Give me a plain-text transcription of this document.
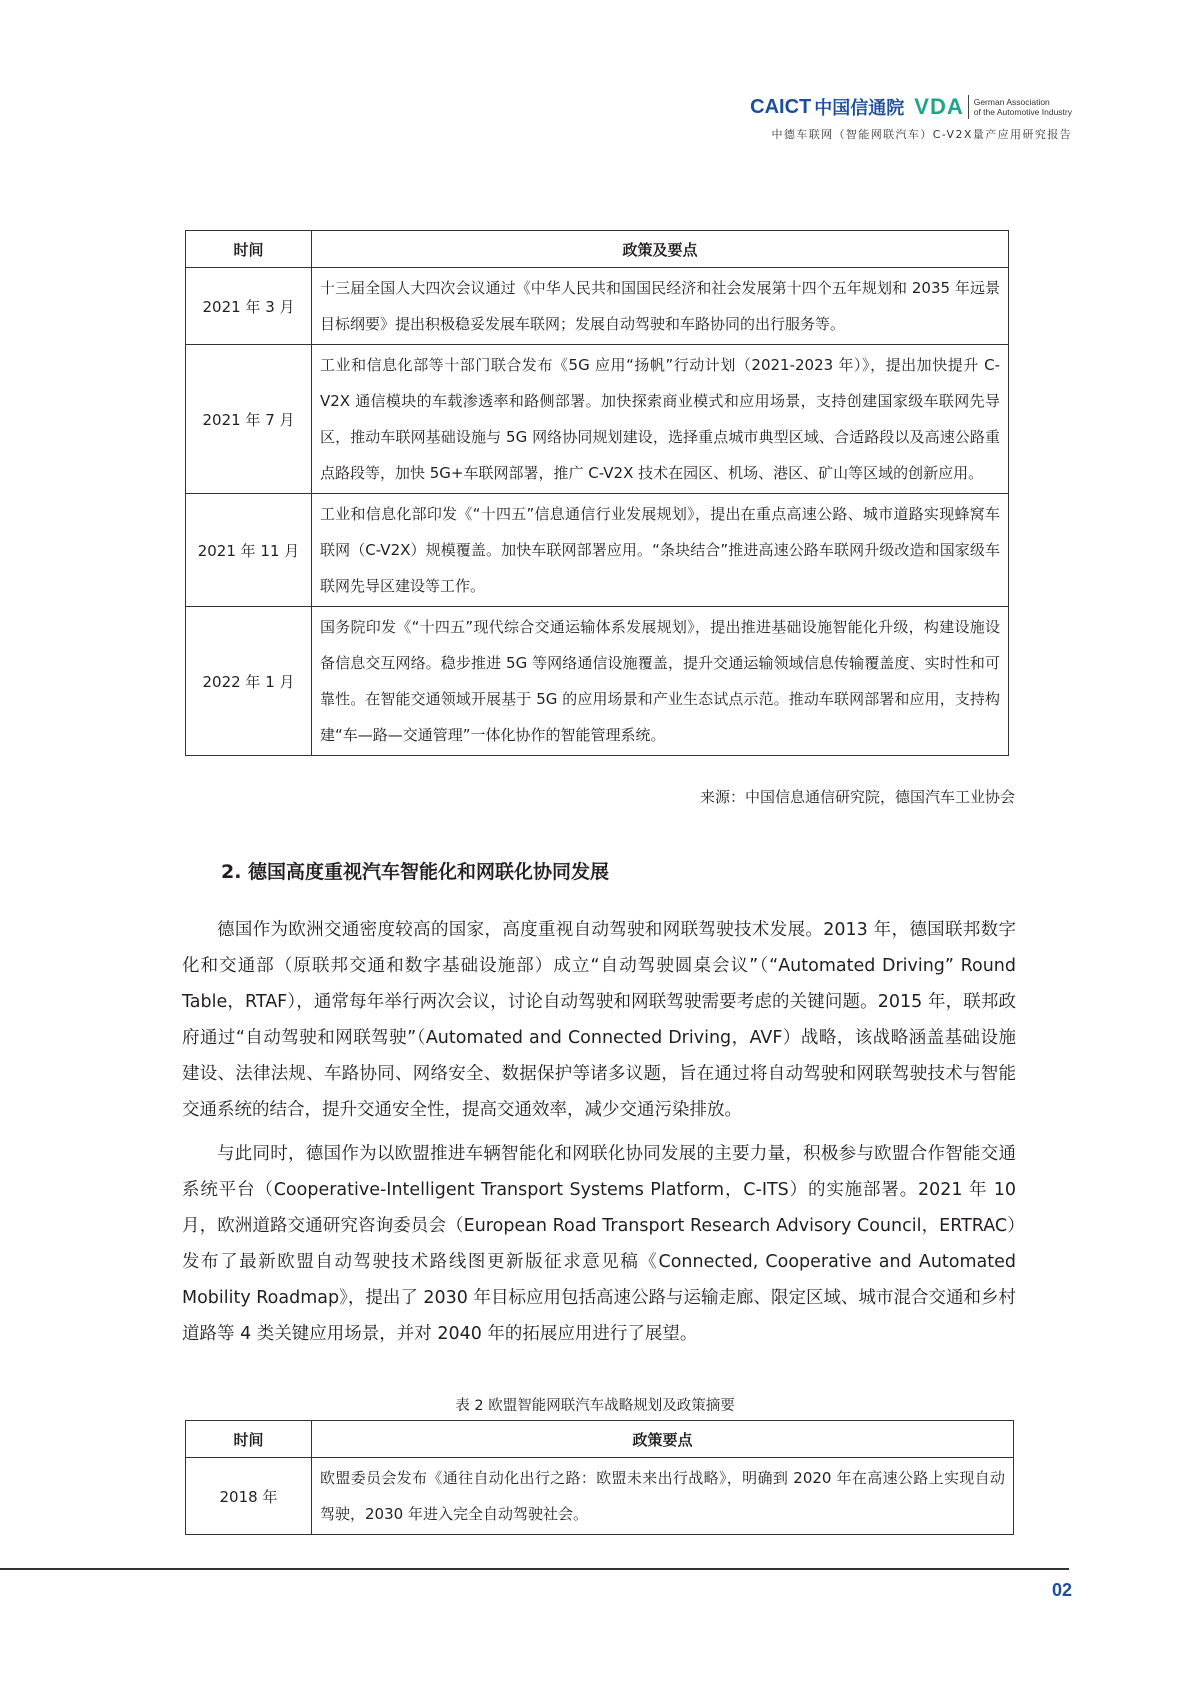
CAICT 中国信通院 VDA German Association
of the Automotive Industry
中德车联网（智能网联汽车）C-V2X量产应用研究报告
时间	政策及要点
2021 年 3 月	十三届全国人大四次会议通过《中华人民共和国国民经济和社会发展第十四个五年规划和 2035 年远景目标纲要》提出积极稳妥发展车联网；发展自动驾驶和车路协同的出行服务等。
2021 年 7 月	工业和信息化部等十部门联合发布《5G 应用“扬帆”行动计划（2021-2023 年）》，提出加快提升 C-V2X 通信模块的车载渗透率和路侧部署。加快探索商业模式和应用场景，支持创建国家级车联网先导区，推动车联网基础设施与 5G 网络协同规划建设，选择重点城市典型区域、合适路段以及高速公路重点路段等，加快 5G+车联网部署，推广 C-V2X 技术在园区、机场、港区、矿山等区域的创新应用。
2021 年 11 月	工业和信息化部印发《“十四五”信息通信行业发展规划》，提出在重点高速公路、城市道路实现蜂窝车联网（C-V2X）规模覆盖。加快车联网部署应用。“条块结合”推进高速公路车联网升级改造和国家级车联网先导区建设等工作。
2022 年 1 月	国务院印发《“十四五”现代综合交通运输体系发展规划》，提出推进基础设施智能化升级，构建设施设备信息交互网络。稳步推进 5G 等网络通信设施覆盖，提升交通运输领域信息传输覆盖度、实时性和可靠性。在智能交通领域开展基于 5G 的应用场景和产业生态试点示范。推动车联网部署和应用，支持构建“车—路—交通管理”一体化协作的智能管理系统。
来源：中国信息通信研究院，德国汽车工业协会
2. 德国高度重视汽车智能化和网联化协同发展

德国作为欧洲交通密度较高的国家，高度重视自动驾驶和网联驾驶技术发展。2013 年，德国联邦数字化和交通部（原联邦交通和数字基础设施部）成立“自动驾驶圆桌会议”（“Automated Driving” Round Table，RTAF），通常每年举行两次会议，讨论自动驾驶和网联驾驶需要考虑的关键问题。2015 年，联邦政府通过“自动驾驶和网联驾驶”（Automated and Connected Driving，AVF）战略，该战略涵盖基础设施建设、法律法规、车路协同、网络安全、数据保护等诸多议题，旨在通过将自动驾驶和网联驾驶技术与智能交通系统的结合，提升交通安全性，提高交通效率，减少交通污染排放。

与此同时，德国作为以欧盟推进车辆智能化和网联化协同发展的主要力量，积极参与欧盟合作智能交通系统平台（Cooperative-Intelligent Transport Systems Platform，C-ITS）的实施部署。2021 年 10 月，欧洲道路交通研究咨询委员会（European Road Transport Research Advisory Council，ERTRAC）发布了最新欧盟自动驾驶技术路线图更新版征求意见稿《Connected, Cooperative and Automated Mobility Roadmap》，提出了 2030 年目标应用包括高速公路与运输走廊、限定区域、城市混合交通和乡村道路等 4 类关键应用场景，并对 2040 年的拓展应用进行了展望。

表 2 欧盟智能网联汽车战略规划及政策摘要
时间	政策要点
2018 年	欧盟委员会发布《通往自动化出行之路：欧盟未来出行战略》，明确到 2020 年在高速公路上实现自动驾驶，2030 年进入完全自动驾驶社会。
02
